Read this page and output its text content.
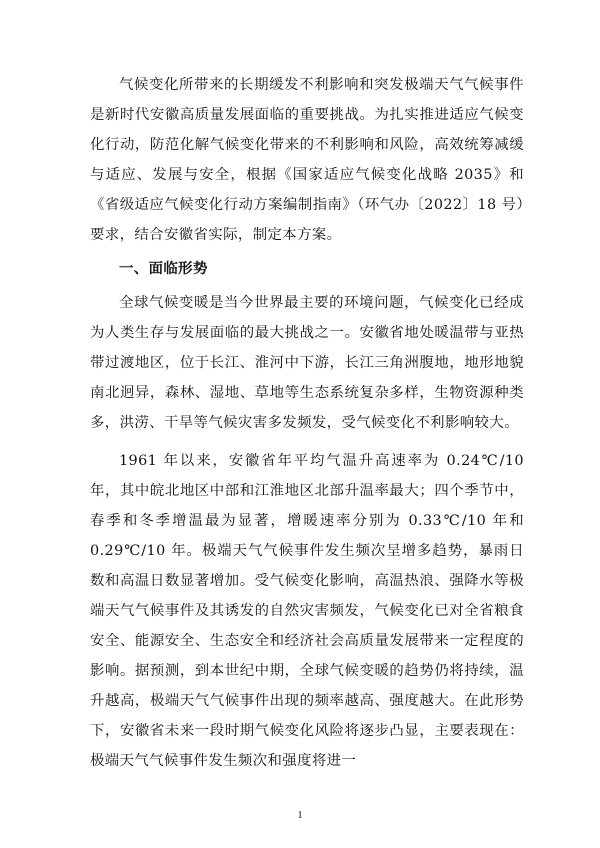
气候变化所带来的长期缓发不利影响和突发极端天气气候事件是新时代安徽高质量发展面临的重要挑战。为扎实推进适应气候变化行动，防范化解气候变化带来的不利影响和风险，高效统筹减缓与适应、发展与安全，根据《国家适应气候变化战略 2035》和《省级适应气候变化行动方案编制指南》（环气办〔2022〕18 号）要求，结合安徽省实际，制定本方案。

一、面临形势

全球气候变暖是当今世界最主要的环境问题，气候变化已经成为人类生存与发展面临的最大挑战之一。安徽省地处暖温带与亚热带过渡地区，位于长江、淮河中下游，长江三角洲腹地，地形地貌南北迥异，森林、湿地、草地等生态系统复杂多样，生物资源种类多，洪涝、干旱等气候灾害多发频发，受气候变化不利影响较大。

1961 年以来，安徽省年平均气温升高速率为 0.24℃/10 年，其中皖北地区中部和江淮地区北部升温率最大；四个季节中，春季和冬季增温最为显著，增暖速率分别为 0.33℃/10 年和 0.29℃/10 年。极端天气气候事件发生频次呈增多趋势，暴雨日数和高温日数显著增加。受气候变化影响，高温热浪、强降水等极端天气气候事件及其诱发的自然灾害频发，气候变化已对全省粮食安全、能源安全、生态安全和经济社会高质量发展带来一定程度的影响。据预测，到本世纪中期，全球气候变暖的趋势仍将持续，温升越高，极端天气气候事件出现的频率越高、强度越大。在此形势下，安徽省未来一段时期气候变化风险将逐步凸显，主要表现在：极端天气气候事件发生频次和强度将进一

1
